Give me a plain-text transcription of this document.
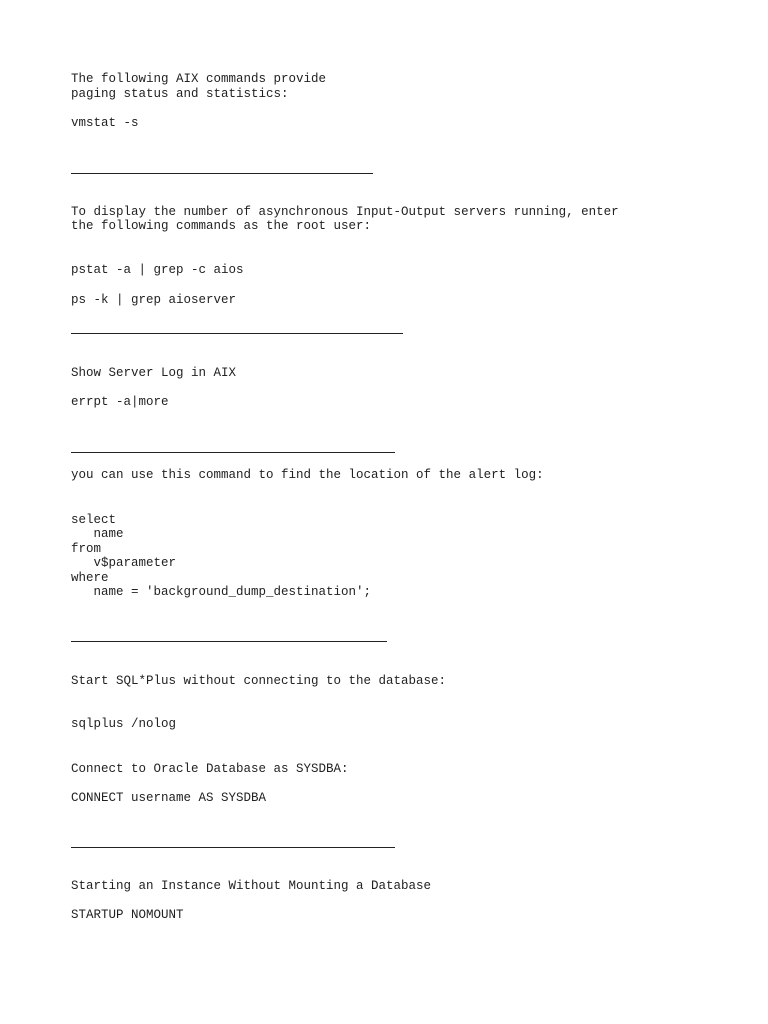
The following AIX commands provide

paging status and statistics:

vmstat -s

To display the number of asynchronous Input-Output servers running, enter

the following commands as the root user:

pstat -a | grep -c aios

ps -k | grep aioserver

Show Server Log in AIX

errpt -a|more

you can use this command to find the location of the alert log:

select

name

from

v$parameter

where

name = 'background_dump_destination';

Start SQL*Plus without connecting to the database:

sqlplus /nolog

Connect to Oracle Database as SYSDBA:

CONNECT username AS SYSDBA

Starting an Instance Without Mounting a Database

STARTUP NOMOUNT
